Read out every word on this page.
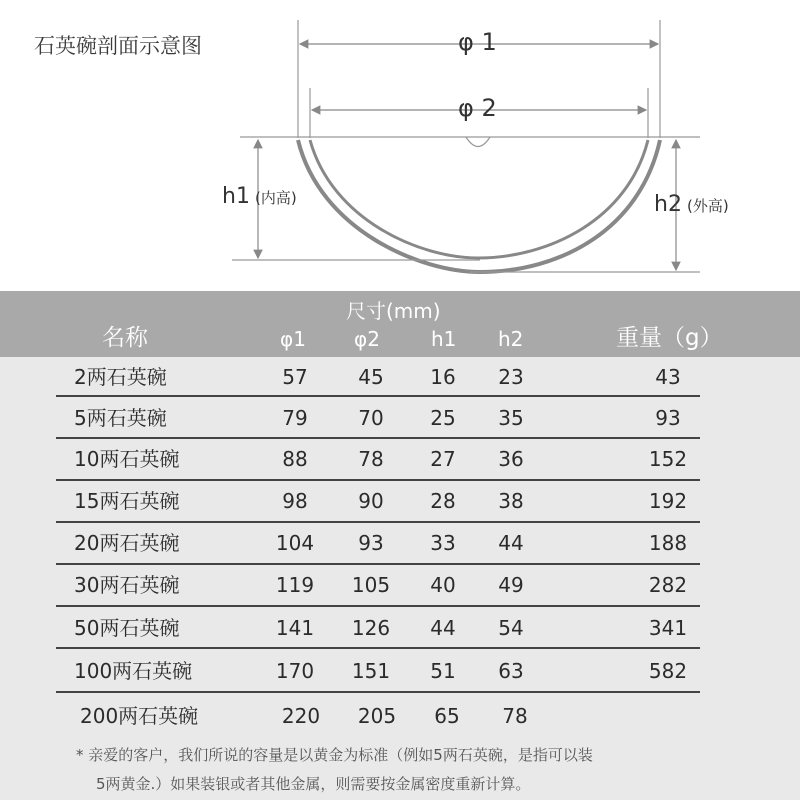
石英碗剖面示意图	φ 1
φ 2
h1 (内高)	h2 (外高)
尺寸(mm)
名称	φ1 φ2	h1 h2	重量（g）
2两石英碗	57	45	16	23	43
5两石英碗	79	70	25	35	93
10两石英碗	88	78	27	36	152
15两石英碗	98	90	28	38	192
20两石英碗	104	93	33	44	188
30两石英碗	119 105	40	49	282
50两石英碗	141 126	44	54	341
100两石英碗	170 151	51	63	582
200两石英碗	220 205	65	78
* 亲爱的客户，我们所说的容量是以黄金为标准（例如5两石英碗，是指可以装
5两黄金.）如果装银或者其他金属，则需要按金属密度重新计算。
